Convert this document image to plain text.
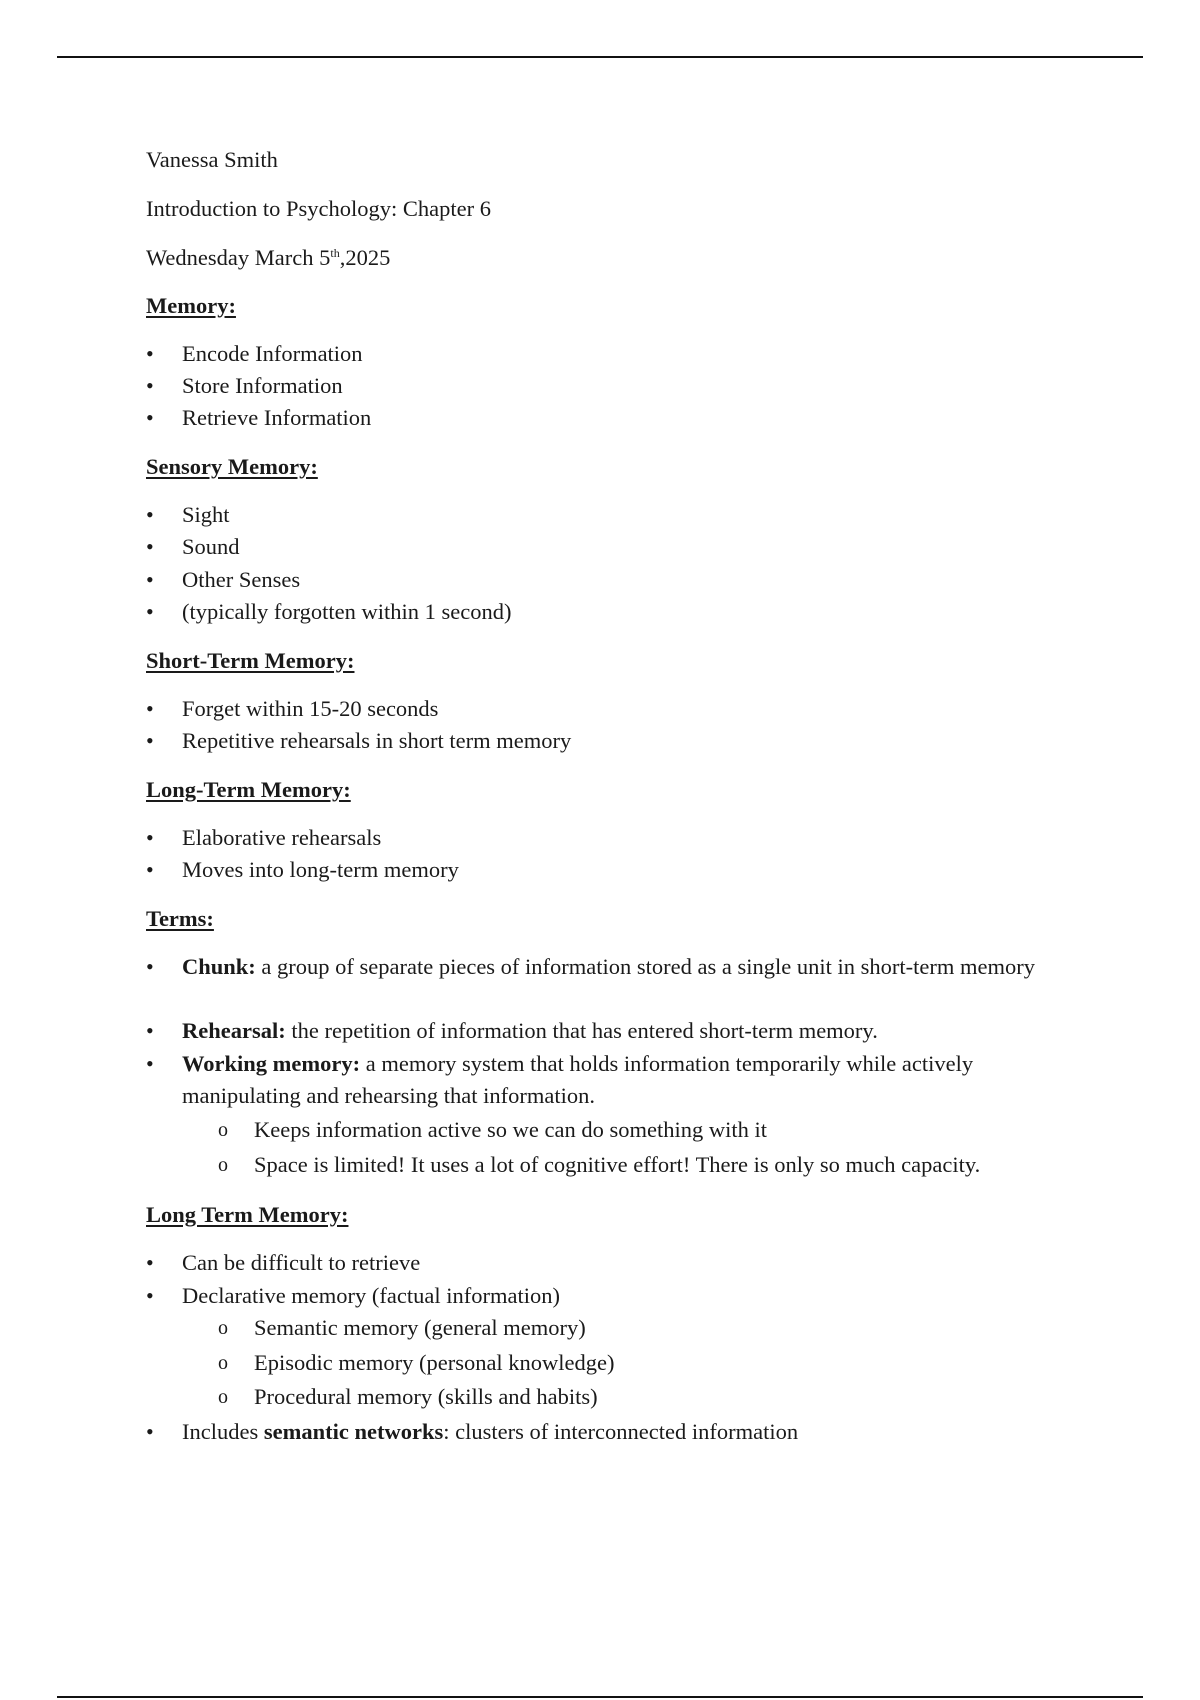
Vanessa Smith
Introduction to Psychology: Chapter 6
Wednesday March 5th,2025
Memory:
•	Encode Information
•	Store Information
•	Retrieve Information
Sensory Memory:
•	Sight
•	Sound
•	Other Senses
•	(typically forgotten within 1 second)
Short-Term Memory:
•	Forget within 15-20 seconds
•	Repetitive rehearsals in short term memory
Long-Term Memory:
•	Elaborative rehearsals
•	Moves into long-term memory
Terms:
•	Chunk: a group of separate pieces of information stored as a single unit in short-term memory
•	Rehearsal: the repetition of information that has entered short-term memory.
•	Working memory: a memory system that holds information temporarily while actively manipulating and rehearsing that information.
o Keeps information active so we can do something with it
o Space is limited! It uses a lot of cognitive effort! There is only so much capacity.
Long Term Memory:
•	Can be difficult to retrieve
•	Declarative memory (factual information)
o Semantic memory (general memory)
o Episodic memory (personal knowledge)
o Procedural memory (skills and habits)
•	Includes semantic networks: clusters of interconnected information
